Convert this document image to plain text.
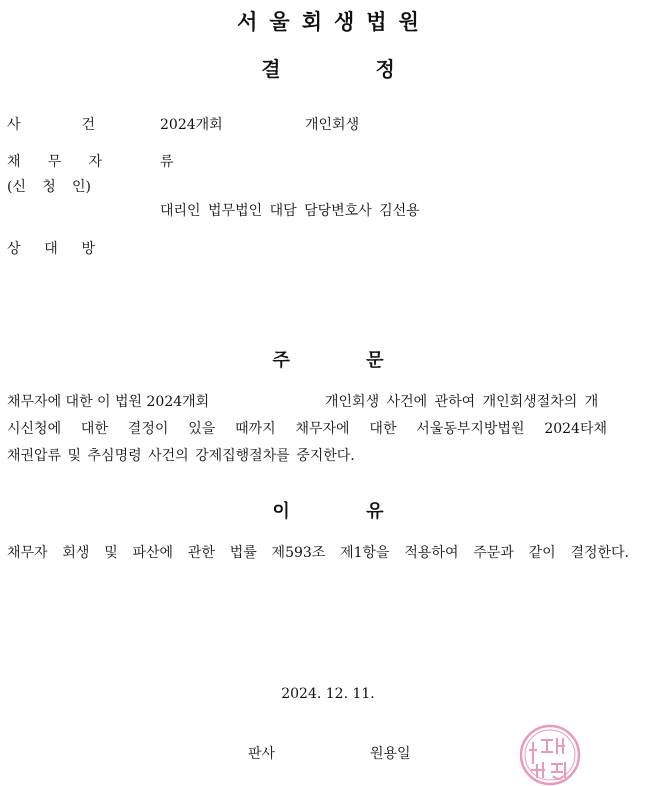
서울회생법원
결 정
사	건	2024개회	개인회생
채 무 자	류
(신 청 인)
대리인 법무법인 대담 담당변호사 김선용
상 대 방
주 문
채무자에 대한 이 법원 2024개회	개인회생 사건에 관하여 개인회생절차의 개
시신청에 대한 결정이 있을 때까지 채무자에 대한 서울동부지방법원 2024타채
채권압류 및 추심명령 사건의 강제집행절차를 중지한다.
이 유
채무자 회생 및 파산에 관한 법률 제593조 제1항을 적용하여 주문과 같이 결정한다.
2024. 12. 11.
판사	원용일
